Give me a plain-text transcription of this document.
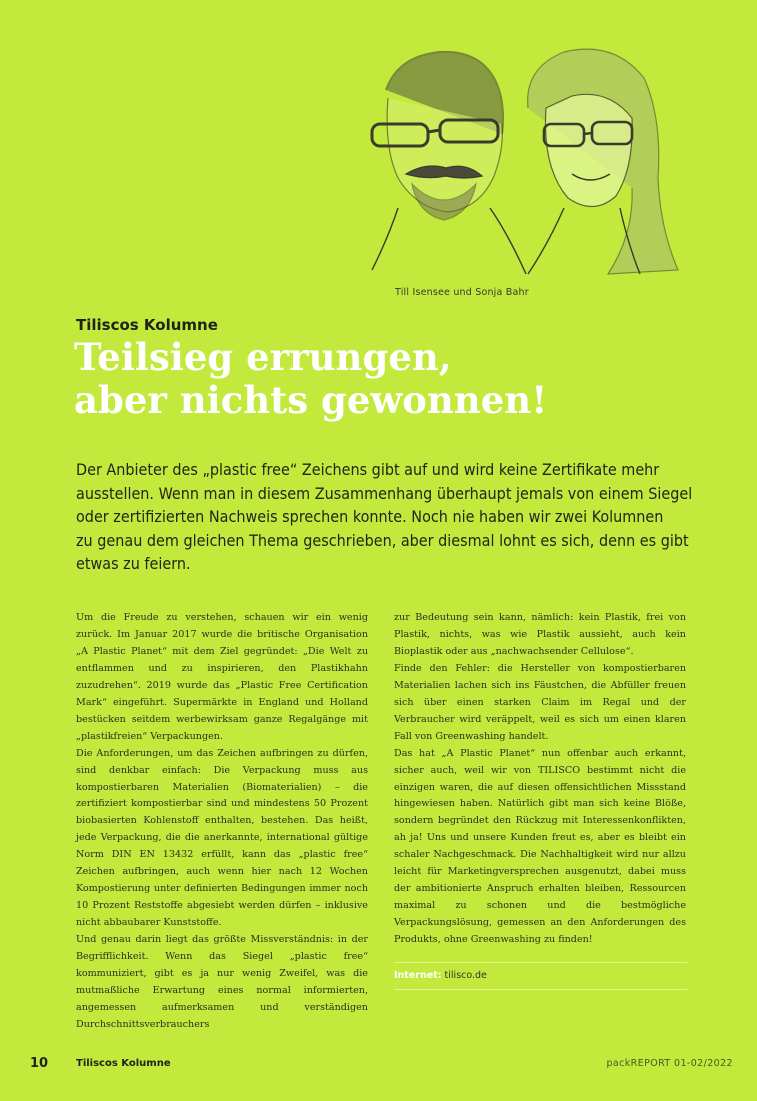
Till Isensee und Sonja Bahr
Tiliscos Kolumne
Teilsieg errungen,
aber nichts gewonnen!
Der Anbieter des „plastic free“ Zeichens gibt auf und wird keine Zertifikate mehr
ausstellen. Wenn man in diesem Zusammenhang überhaupt jemals von einem Siegel
oder zertifizierten Nachweis sprechen konnte. Noch nie haben wir zwei Kolumnen
zu genau dem gleichen Thema geschrieben, aber diesmal lohnt es sich, denn es gibt
etwas zu feiern.

Um die Freude zu verstehen, schauen wir ein wenig zurück. Im Januar 2017 wurde die britische Organisation „A Plastic Planet“ mit dem Ziel gegründet: „Die Welt zu entflammen und zu inspirieren, den Plastikhahn zuzudrehen“. 2019 wurde das „Plastic Free Certification Mark“ eingeführt. Supermärkte in England und Holland bestücken seitdem werbewirksam ganze Regalgänge mit „plastikfreien“ Verpackungen.

Die Anforderungen, um das Zeichen aufbringen zu dürfen, sind denkbar einfach: Die Verpackung muss aus kompostierbaren Materialien (Biomaterialien) – die zertifiziert kompostierbar sind und mindestens 50 Prozent biobasierten Kohlenstoff enthalten, bestehen. Das heißt, jede Verpackung, die die anerkannte, international gültige Norm DIN EN 13432 erfüllt, kann das „plastic free“ Zeichen aufbringen, auch wenn hier nach 12 Wochen Kompostierung unter definierten Bedingungen immer noch 10 Prozent Reststoffe abgesiebt werden dürfen – inklusive nicht abbaubarer Kunststoffe.

Und genau darin liegt das größte Missverständnis: in der Begrifflichkeit. Wenn das Siegel „plastic free“ kommuniziert, gibt es ja nur wenig Zweifel, was die mutmaßliche Erwartung eines normal informierten, angemessen aufmerksamen und verständigen Durchschnittsverbrauchers

zur Bedeutung sein kann, nämlich: kein Plastik, frei von Plastik, nichts, was wie Plastik aussieht, auch kein Bioplastik oder aus „nachwachsender Cellulose“.

Finde den Fehler: die Hersteller von kompostierbaren Materialien lachen sich ins Fäustchen, die Abfüller freuen sich über einen starken Claim im Regal und der Verbraucher wird veräppelt, weil es sich um einen klaren Fall von Greenwashing handelt.

Das hat „A Plastic Planet“ nun offenbar auch erkannt, sicher auch, weil wir von TILISCO bestimmt nicht die einzigen waren, die auf diesen offensichtlichen Missstand hingewiesen haben. Natürlich gibt man sich keine Blöße, sondern begründet den Rückzug mit Interessenkonflikten, ah ja! Uns und unsere Kunden freut es, aber es bleibt ein schaler Nachgeschmack. Die Nachhaltigkeit wird nur allzu leicht für Marketingversprechen ausgenutzt, dabei muss der ambitionierte Anspruch erhalten bleiben, Ressourcen maximal zu schonen und die bestmögliche Verpackungslösung, gemessen an den Anforderungen des Produkts, ohne Greenwashing zu finden!

Internet: tilisco.de
10	Tiliscos Kolumne	packREPORT 01-02/2022
